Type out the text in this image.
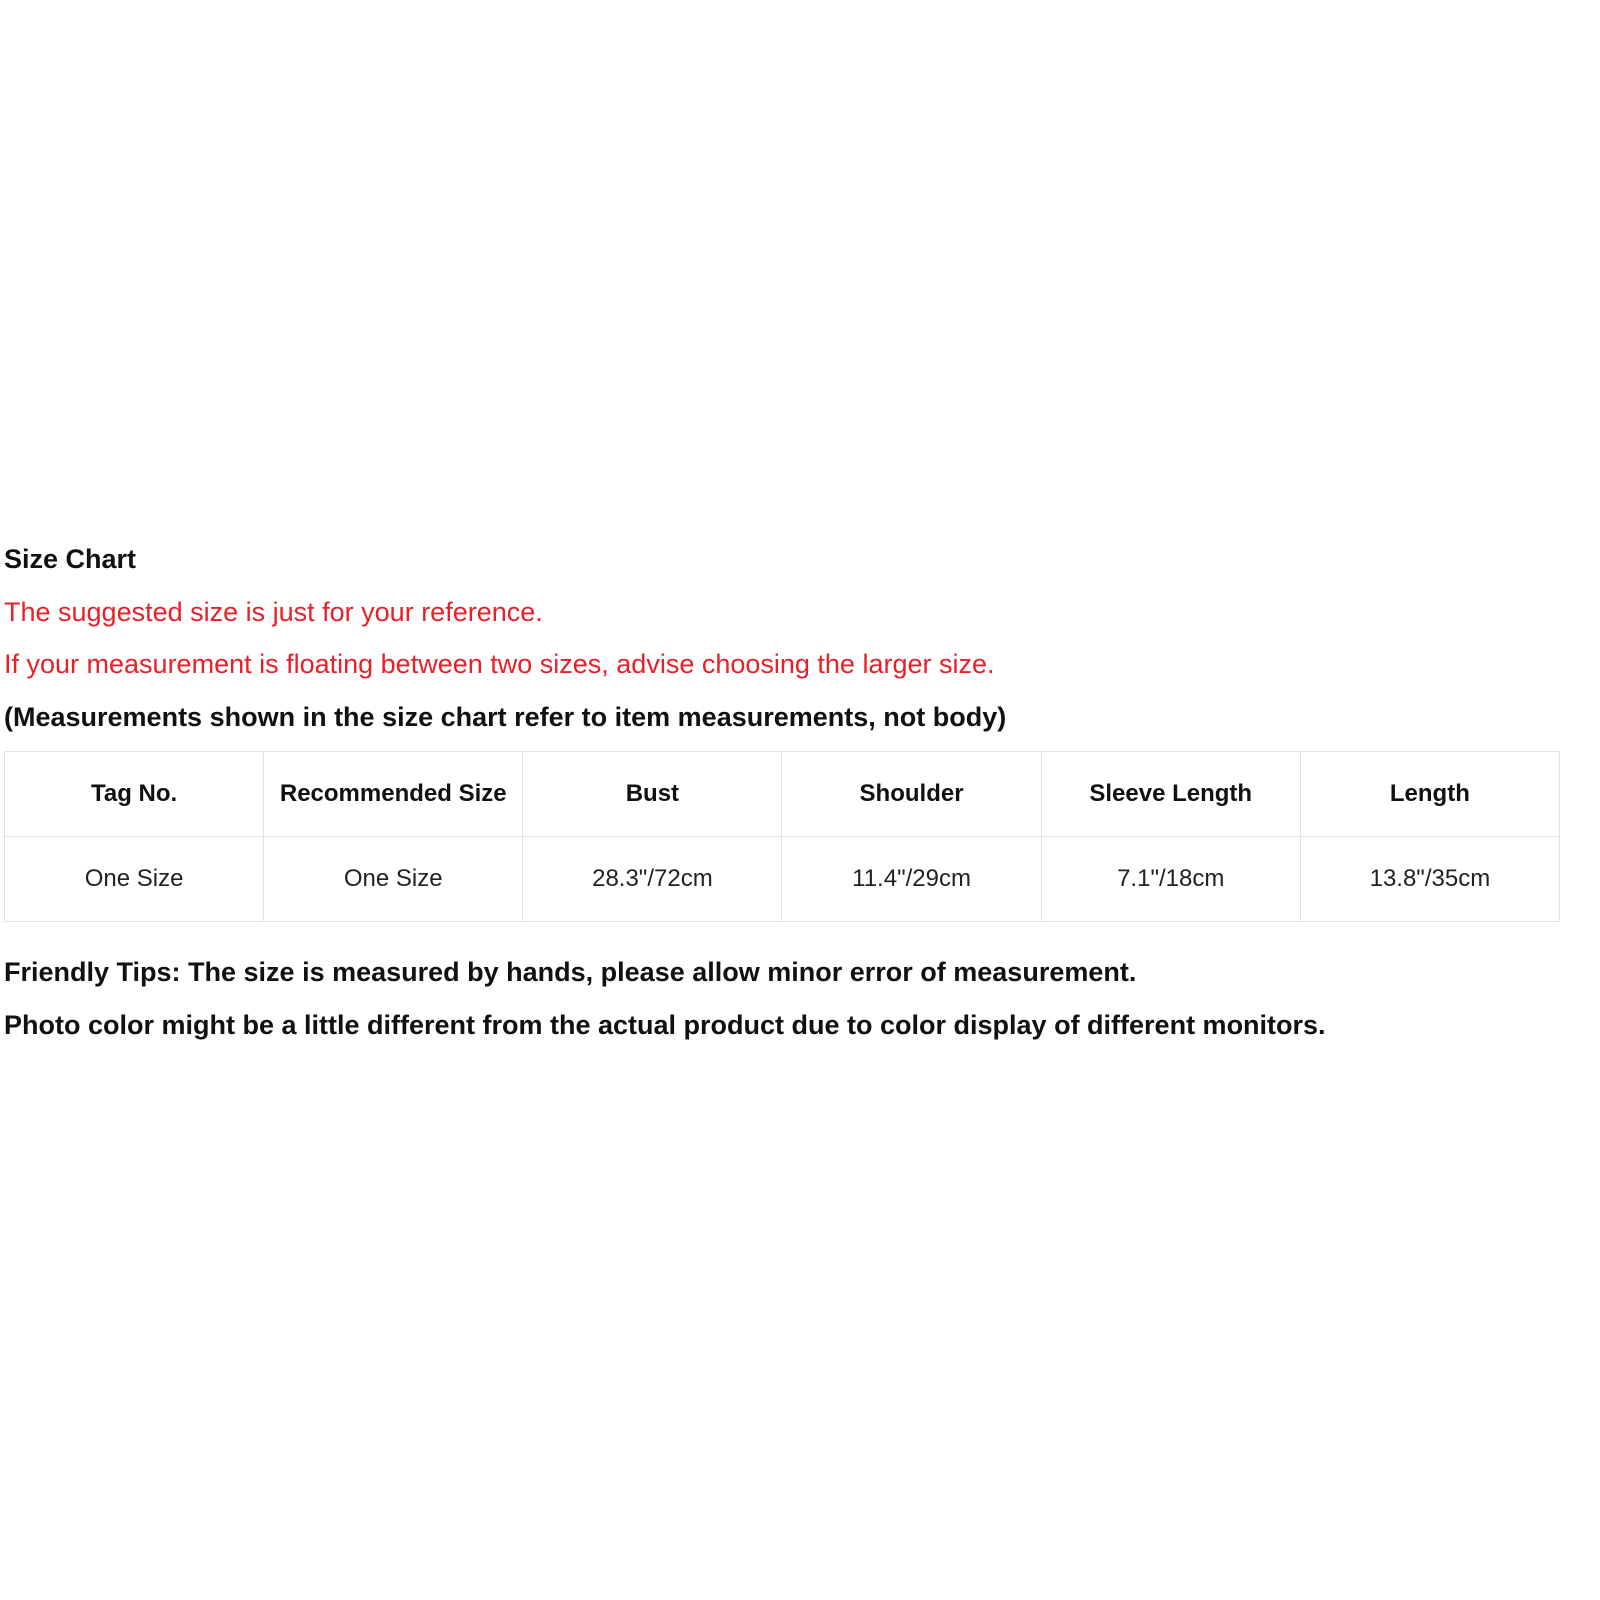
Size Chart
The suggested size is just for your reference.
If your measurement is floating between two sizes, advise choosing the larger size.
(Measurements shown in the size chart refer to item measurements, not body)
Tag No.	Recommended Size	Bust	Shoulder	Sleeve Length	Length
One Size	One Size	28.3"/72cm	11.4"/29cm	7.1"/18cm	13.8"/35cm
Friendly Tips: The size is measured by hands, please allow minor error of measurement.
Photo color might be a little different from the actual product due to color display of different monitors.
